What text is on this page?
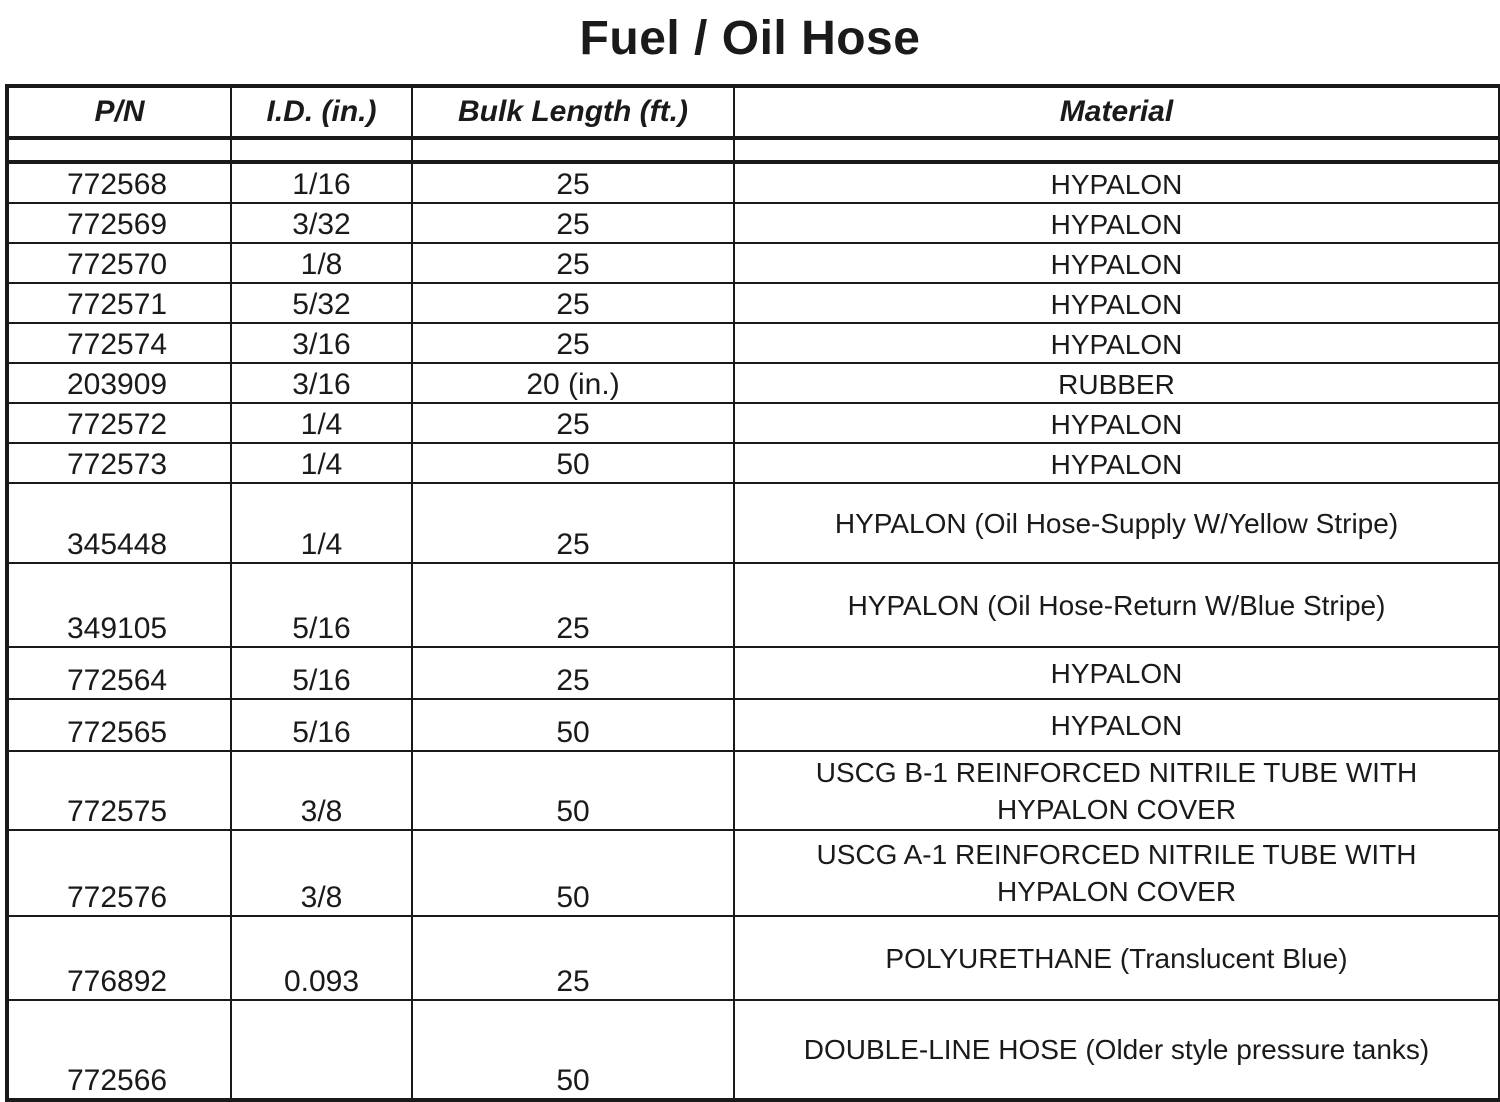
Fuel / Oil Hose
P/N	I.D. (in.)	Bulk Length (ft.)	Material

772568	1/16	25	HYPALON
772569	3/32	25	HYPALON
772570	1/8	25	HYPALON
772571	5/32	25	HYPALON
772574	3/16	25	HYPALON
203909	3/16	20 (in.)	RUBBER
772572	1/4	25	HYPALON
772573	1/4	50	HYPALON
345448	1/4	25	HYPALON (Oil Hose-Supply W/Yellow Stripe)
349105	5/16	25	HYPALON (Oil Hose-Return W/Blue Stripe)
772564	5/16	25	HYPALON
772565	5/16	50	HYPALON
772575	3/8	50	USCG B-1 REINFORCED NITRILE TUBE WITH HYPALON COVER
772576	3/8	50	USCG A-1 REINFORCED NITRILE TUBE WITH HYPALON COVER
776892	0.093	25	POLYURETHANE (Translucent Blue)
772566		50	DOUBLE-LINE HOSE (Older style pressure tanks)
